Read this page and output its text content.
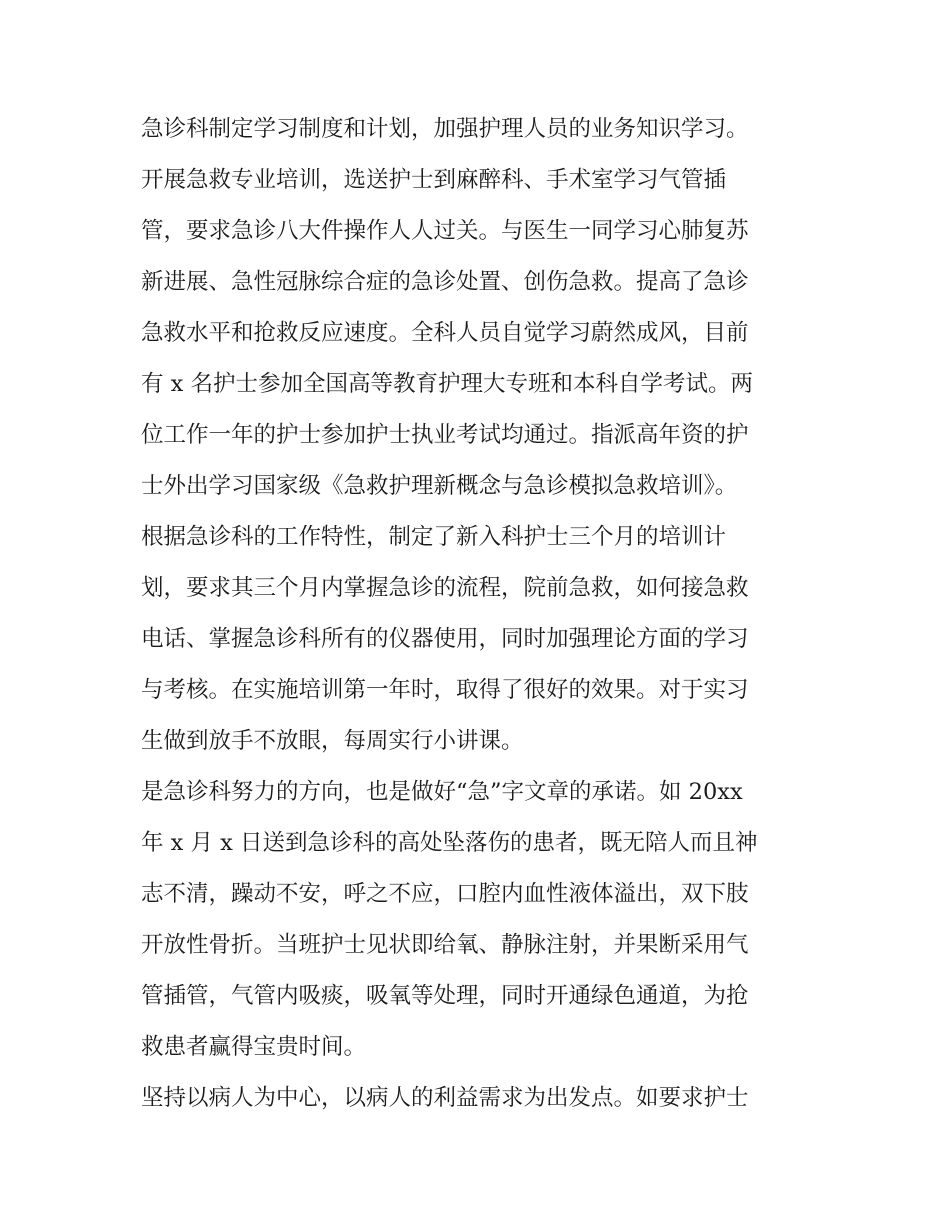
急诊科制定学习制度和计划，加强护理人员的业务知识学习。
开展急救专业培训，选送护士到麻醉科、手术室学习气管插
管，要求急诊八大件操作人人过关。与医生一同学习心肺复苏
新进展、急性冠脉综合症的急诊处置、创伤急救。提高了急诊
急救水平和抢救反应速度。全科人员自觉学习蔚然成风，目前
有 x 名护士参加全国高等教育护理大专班和本科自学考试。两
位工作一年的护士参加护士执业考试均通过。指派高年资的护
士外出学习国家级《急救护理新概念与急诊模拟急救培训》。
根据急诊科的工作特性，制定了新入科护士三个月的培训计
划，要求其三个月内掌握急诊的流程，院前急救，如何接急救
电话、掌握急诊科所有的仪器使用，同时加强理论方面的学习
与考核。在实施培训第一年时，取得了很好的效果。对于实习
生做到放手不放眼，每周实行小讲课。
是急诊科努力的方向，也是做好“急”字文章的承诺。如 20xx
年 x 月 x 日送到急诊科的高处坠落伤的患者，既无陪人而且神
志不清，躁动不安，呼之不应，口腔内血性液体溢出，双下肢
开放性骨折。当班护士见状即给氧、静脉注射，并果断采用气
管插管，气管内吸痰，吸氧等处理，同时开通绿色通道，为抢
救患者赢得宝贵时间。
坚持以病人为中心，以病人的利益需求为出发点。如要求护士
